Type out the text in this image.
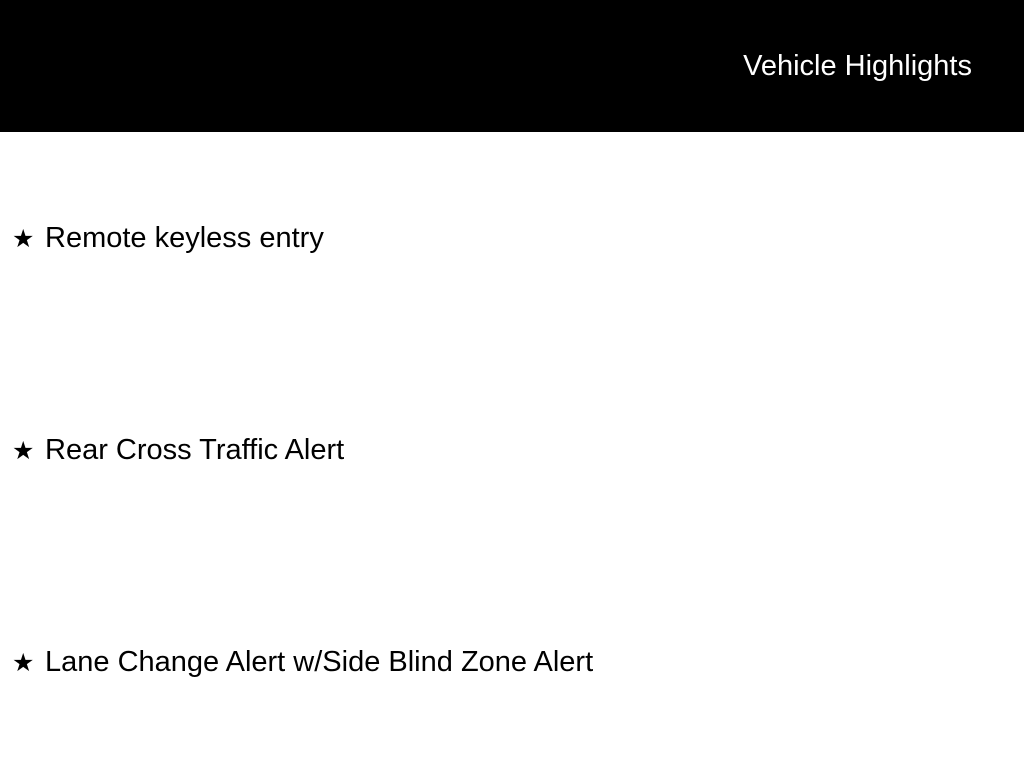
Vehicle Highlights
★ Remote keyless entry
★ Rear Cross Traffic Alert
★ Lane Change Alert w/Side Blind Zone Alert
